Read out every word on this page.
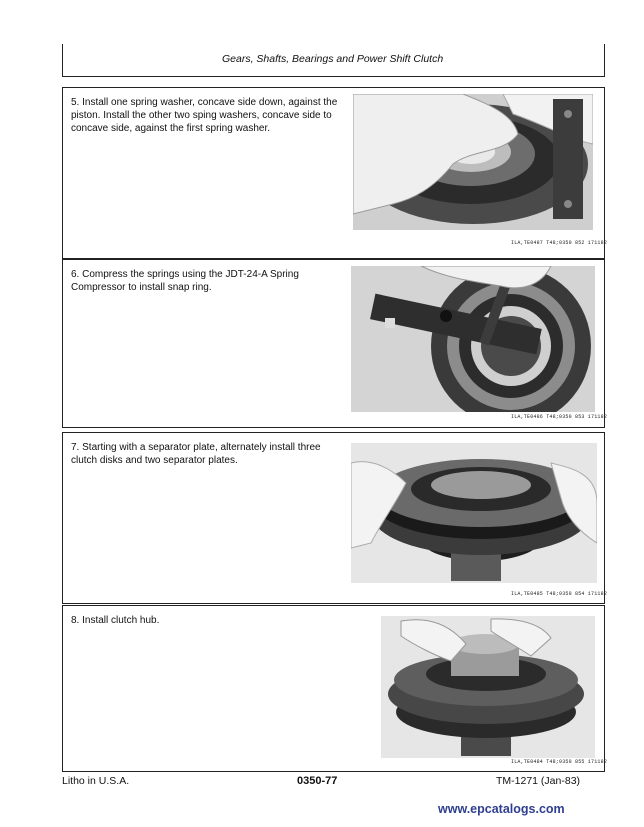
Gears, Shafts, Bearings and Power Shift Clutch
5. Install one spring washer, concave side down, against the piston. Install the other two sping washers, concave side to concave side, against the first spring washer.
ILA,TE0487 T48;0350 852 171182
6. Compress the springs using the JDT-24-A Spring Compressor to install snap ring.
ILA,TE0486 T48;0350 853 171182
7. Starting with a separator plate, alternately install three clutch disks and two separator plates.
ILA,TE0485 T48;0350 854 171182
8. Install clutch hub.
ILA,TE0484 T48;0350 855 171182
Litho in U.S.A.	0350-77	TM-1271 (Jan-83)
www.epcatalogs.com
